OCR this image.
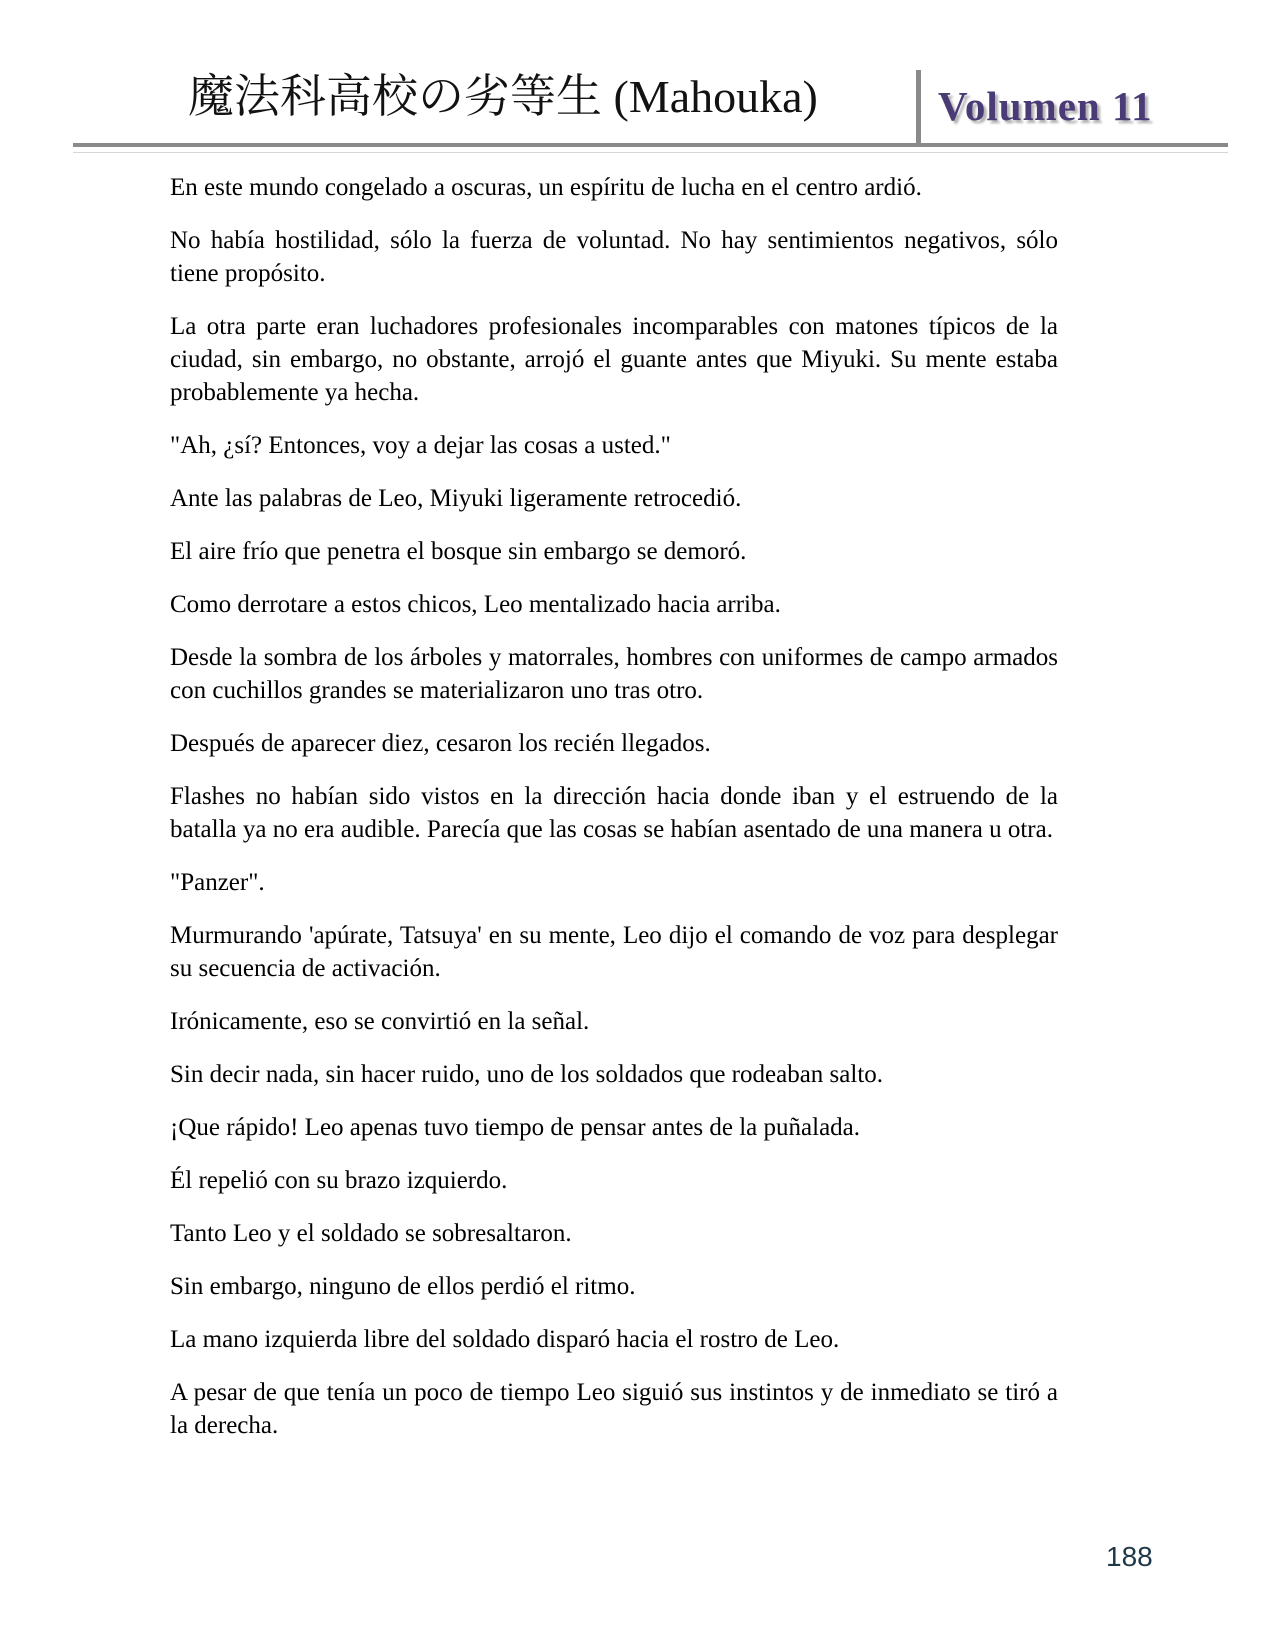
魔法科高校の劣等生 (Mahouka)	Volumen 11

En este mundo congelado a oscuras, un espíritu de lucha en el centro ardió.

No había hostilidad, sólo la fuerza de voluntad. No hay sentimientos negativos, sólo tiene propósito.

La otra parte eran luchadores profesionales incomparables con matones típicos de la ciudad, sin embargo, no obstante, arrojó el guante antes que Miyuki. Su mente estaba probablemente ya hecha.

"Ah, ¿sí? Entonces, voy a dejar las cosas a usted."

Ante las palabras de Leo, Miyuki ligeramente retrocedió.

El aire frío que penetra el bosque sin embargo se demoró.

Como derrotare a estos chicos, Leo mentalizado hacia arriba.

Desde la sombra de los árboles y matorrales, hombres con uniformes de campo armados con cuchillos grandes se materializaron uno tras otro.

Después de aparecer diez, cesaron los recién llegados.

Flashes no habían sido vistos en la dirección hacia donde iban y el estruendo de la batalla ya no era audible. Parecía que las cosas se habían asentado de una manera u otra.

"Panzer".

Murmurando 'apúrate, Tatsuya' en su mente, Leo dijo el comando de voz para desplegar su secuencia de activación.

Irónicamente, eso se convirtió en la señal.

Sin decir nada, sin hacer ruido, uno de los soldados que rodeaban salto.

¡Que rápido! Leo apenas tuvo tiempo de pensar antes de la puñalada.

Él repelió con su brazo izquierdo.

Tanto Leo y el soldado se sobresaltaron.

Sin embargo, ninguno de ellos perdió el ritmo.

La mano izquierda libre del soldado disparó hacia el rostro de Leo.

A pesar de que tenía un poco de tiempo Leo siguió sus instintos y de inmediato se tiró a la derecha.

188
